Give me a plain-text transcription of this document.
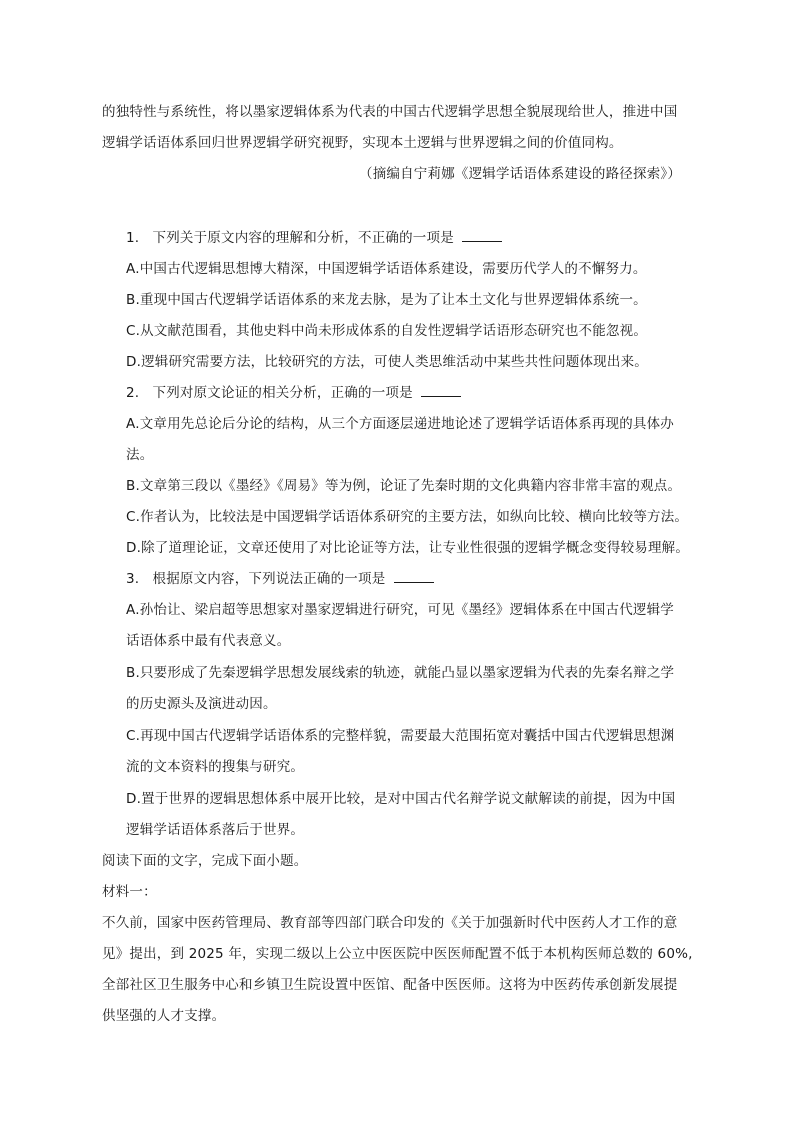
的独特性与系统性，将以墨家逻辑体系为代表的中国古代逻辑学思想全貌展现给世人，推进中国
逻辑学话语体系回归世界逻辑学研究视野，实现本土逻辑与世界逻辑之间的价值同构。
（摘编自宁莉娜《逻辑学话语体系建设的路径探索》）
1. 下列关于原文内容的理解和分析，不正确的一项是
A.中国古代逻辑思想博大精深，中国逻辑学话语体系建设，需要历代学人的不懈努力。
B.重现中国古代逻辑学话语体系的来龙去脉，是为了让本土文化与世界逻辑体系统一。
C.从文献范围看，其他史料中尚未形成体系的自发性逻辑学话语形态研究也不能忽视。
D.逻辑研究需要方法，比较研究的方法，可使人类思维活动中某些共性问题体现出来。
2. 下列对原文论证的相关分析，正确的一项是
A.文章用先总论后分论的结构，从三个方面逐层递进地论述了逻辑学话语体系再现的具体办
法。
B.文章第三段以《墨经》《周易》等为例，论证了先秦时期的文化典籍内容非常丰富的观点。
C.作者认为，比较法是中国逻辑学话语体系研究的主要方法，如纵向比较、横向比较等方法。
D.除了道理论证，文章还使用了对比论证等方法，让专业性很强的逻辑学概念变得较易理解。
3. 根据原文内容，下列说法正确的一项是
A.孙怡让、梁启超等思想家对墨家逻辑进行研究，可见《墨经》逻辑体系在中国古代逻辑学
话语体系中最有代表意义。
B.只要形成了先秦逻辑学思想发展线索的轨迹，就能凸显以墨家逻辑为代表的先秦名辩之学
的历史源头及演进动因。
C.再现中国古代逻辑学话语体系的完整样貌，需要最大范围拓宽对囊括中国古代逻辑思想渊
流的文本资料的搜集与研究。
D.置于世界的逻辑思想体系中展开比较，是对中国古代名辩学说文献解读的前提，因为中国
逻辑学话语体系落后于世界。
阅读下面的文字，完成下面小题。
材料一：
不久前，国家中医药管理局、教育部等四部门联合印发的《关于加强新时代中医药人才工作的意
见》提出，到 2025 年，实现二级以上公立中医医院中医医师配置不低于本机构医师总数的 60%,
全部社区卫生服务中心和乡镇卫生院设置中医馆、配备中医医师。这将为中医药传承创新发展提
供坚强的人才支撑。
